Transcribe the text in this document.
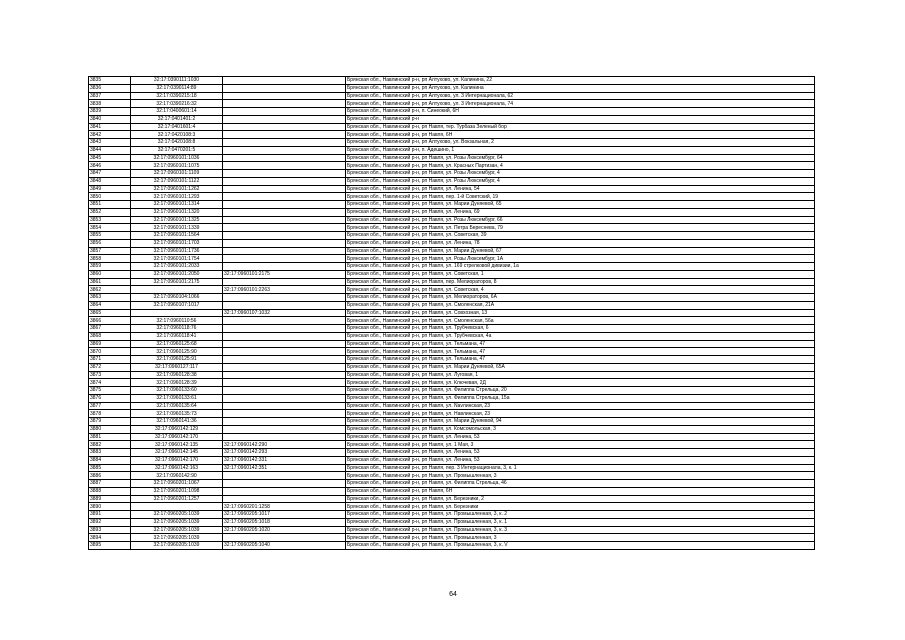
3835	32:17:0390111:1030		Брянская обл., Навлинский р-н, рп Алтухово, ул. Калинина, 22
3836	32:17:0390114:89		Брянская обл., Навлинский р-н, рп Алтухово, ул. Калинина
3837	32:17:0390215:18		Брянская обл., Навлинский р-н, рп Алтухово, ул. 3 Интернационала, 62
3838	32:17:0390216:32		Брянская обл., Навлинский р-н, рп Алтухово, ул. 3 Интернационала, 74
3839	32:17:0400601:14		Брянская обл., Навлинский р-н, п. Синеокий, 6Н
3840	32:17:0401401:2		Брянская обл., Навлинский р-н
3841	32:17:0401601:4		Брянская обл., Навлинский р-н, рп Навля, тер. Турбаза Зеленый бор
3842	32:17:0420108:3		Брянская обл., Навлинский р-н, рп Навля, 6Н
3843	32:17:0420108:8		Брянская обл., Навлинский р-н, рп Алтухово, ул. Вокзальная, 2
3844	32:17:0470201:5		Брянская обл., Навлинский р-н, п. Адешино, 1
3845	32:17:0960101:1036		Брянская обл., Навлинский р-н, рп Навля, ул. Розы Люксембург, 64
3846	32:17:0960101:1075		Брянская обл., Навлинский р-н, рп Навля, ул. Красных Партизан, 4
3847	32:17:0960101:1109		Брянская обл., Навлинский р-н, рп Навля, ул. Розы Люксембург, 4
3848	32:17:0960101:1122		Брянская обл., Навлинский р-н, рп Навля, ул. Розы Люксембург, 4
3849	32:17:0960101:1262		Брянская обл., Навлинский р-н, рп Навля, ул. Ленина, 54
3850	32:17:0960101:1293		Брянская обл., Навлинский р-н, рп Навля, пер. 1-й Советский, 19
3851	32:17:0960101:1314		Брянская обл., Навлинский р-н, рп Навля, ул. Марии Дуняевой, 65
3852	32:17:0960101:1320		Брянская обл., Навлинский р-н, рп Навля, ул. Ленина, 69
3853	32:17:0960101:1325		Брянская обл., Навлинский р-н, рп Навля, ул. Розы Люксембург, 66
3854	32:17:0960101:1339		Брянская обл., Навлинский р-н, рп Навля, ул. Петра Береснева, 79
3855	32:17:0960101:1564		Брянская обл., Навлинский р-н, рп Навля, ул. Советская, 39
3856	32:17:0960101:1703		Брянская обл., Навлинский р-н, рп Навля, ул. Ленина, 78
3857	32:17:0960101:1736		Брянская обл., Навлинский р-н, рп Навля, ул. Марии Дуняевой, 67
3858	32:17:0960101:1754		Брянская обл., Навлинский р-н, рп Навля, ул. Розы Люксембург, 1А
3859	32:17:0960101:2033		Брянская обл., Навлинский р-н, рп Навля, ул. 169 стрелковой дивизии, 1а
3860	32:17:0960101:2050	32:17:0960101:2175	Брянская обл., Навлинский р-н, рп Навля, ул. Советская, 1
3861	32:17:0960101:2175		Брянская обл., Навлинский р-н, рп Навля, пер. Мелиораторов, 8
3862		32:17:0960101:2263	Брянская обл., Навлинский р-н, рп Навля, ул. Советская, 4
3863	32:17:0960104:1066		Брянская обл., Навлинский р-н, рп Навля, ул. Мелиораторов, 6А
3864	32:17:0960107:1017		Брянская обл., Навлинский р-н, рп Навля, ул. Смоленская, 21А
3865		32:17:0960107:1032	Брянская обл., Навлинский р-н, рп Навля, ул. Совхозная, 13
3866	32:17:0960110:56		Брянская обл., Навлинский р-н, рп Навля, ул. Смоленская, 56а
3867	32:17:0960118:76		Брянская обл., Навлинский р-н, рп Навля, ул. Трубчевская, 6
3868	32:17:0960118:41		Брянская обл., Навлинский р-н, рп Навля, ул. Трубчевская, 4а
3869	32:17:0960125:68		Брянская обл., Навлинский р-н, рп Навля, ул. Тельмана, 47
3870	32:17:0960125:90		Брянская обл., Навлинский р-н, рп Навля, ул. Тельмана, 47
3871	32:17:0960125:91		Брянская обл., Навлинский р-н, рп Навля, ул. Тельмана, 47
3872	32:17:0960127:117		Брянская обл., Навлинский р-н, рп Навля, ул. Марии Дуняевой, 65А
3873	32:17:0960128:38		Брянская обл., Навлинский р-н, рп Навля, ул. Луговая, 1
3874	32:17:0960128:39		Брянская обл., Навлинский р-н, рп Навля, ул. Ключевая, 2Д
3875	32:17:0960133:60		Брянская обл., Навлинский р-н, рп Навля, ул. Филиппа Стрельца, 20
3876	32:17:0960133:61		Брянская обл., Навлинский р-н, рп Навля, ул. Филиппа Стрельца, 15а
3877	32:17:0960135:64		Брянская обл., Навлинский р-н, рп Навля, ул. Navлинская, 23
3878	32:17:0960135:73		Брянская обл., Навлинский р-н, рп Навля, ул. Навлинская, 23
3879	32:17:0960141:36		Брянская обл., Навлинский р-н, рп Навля, ул. Марии Дуняевой, 94
3880	32:17:0960142:129		Брянская обл., Навлинский р-н, рп Навля, ул. Комсомольская, 3
3881	32:17:0960142:170		Брянская обл., Навлинский р-н, рп Навля, ул. Ленина, 53
3882	32:17:0960142:135	32:17:0960142:290	Брянская обл., Навлинский р-н, рп Навля, ул. 1 Мая, 3
3883	32:17:0960142:145	32:17:0960142:293	Брянская обл., Навлинский р-н, рп Навля, ул. Ленина, 53
3884	32:17:0960142:170	32:17:0960142:331	Брянская обл., Навлинский р-н, рп Навля, ул. Ленина, 53
3885	32:17:0960142:163	32:17:0960142:351	Брянская обл., Навлинский р-н, рп Навля, пер. 3 Интернационала, 3, к. 1
3886	32:17:0960142:90		Брянская обл., Навлинский р-н, рп Навля, ул. Промышленная, 3
3887	32:17:0960201:1067		Брянская обл., Навлинский р-н, рп Навля, ул. Филиппа Стрельца, 46
3888	32:17:0960201:1098		Брянская обл., Навлинский р-н, рп Навля, 6Н
3889	32:17:0960201:1257		Брянская обл., Навлинский р-н, рп Навля, ул. Березники, 2
3890		32:17:0960201:1258	Брянская обл., Навлинский р-н, рп Навля, ул. Березники
3891	32:17:0960205:1039	32:17:0960205:1017	Брянская обл., Навлинский р-н, рп Навля, ул. Промышленная, 3, к. 2
3892	32:17:0960205:1039	32:17:0960205:1018	Брянская обл., Навлинский р-н, рп Навля, ул. Промышленная, 3, к. 1
3893	32:17:0960205:1039	32:17:0960205:1020	Брянская обл., Навлинский р-н, рп Навля, ул. Промышленная, 3, к. 3
3894	32:17:0960205:1039		Брянская обл., Навлинский р-н, рп Навля, ул. Промышленная, 3
3895	32:17:0960205:1039	32:17:0960205:1040	Брянская обл., Навлинский р-н, рп Навля, ул. Промышленная, 3, к. V
64
